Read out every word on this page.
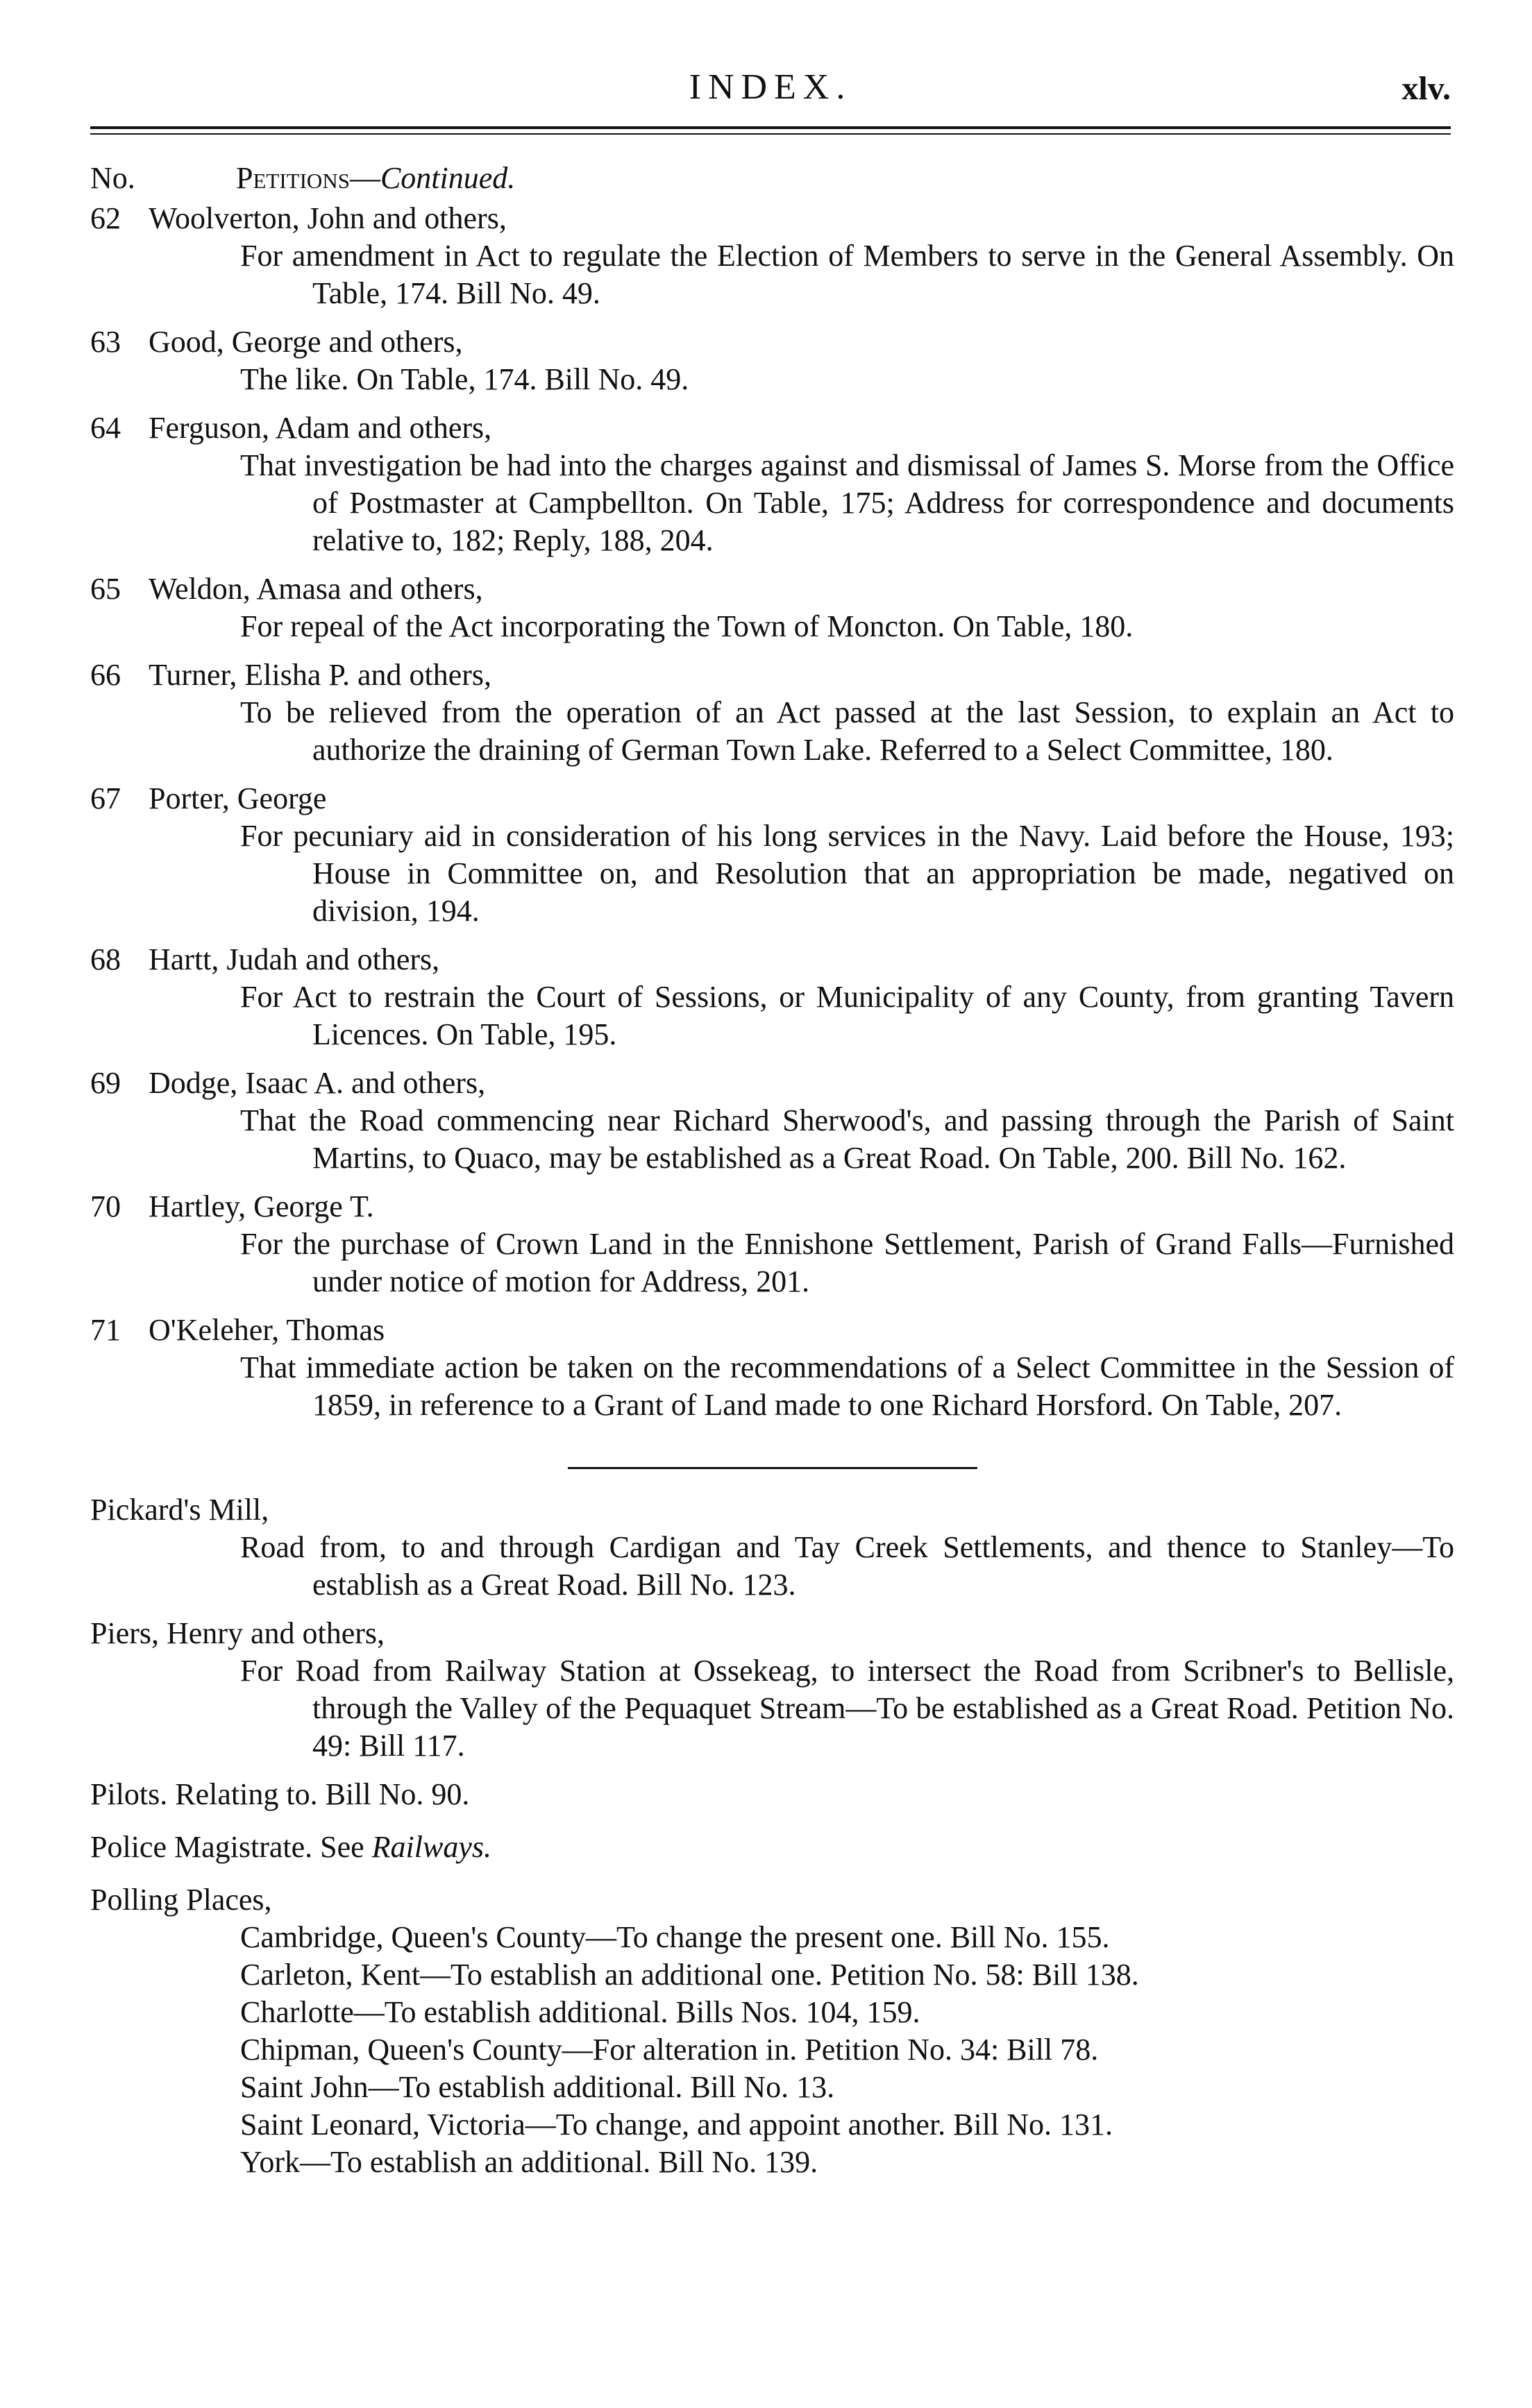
INDEX.	xlv.
No.	Petitions—Continued.
62 Woolverton, John and others,
For amendment in Act to regulate the Election of Members to serve in the General Assembly. On Table, 174. Bill No. 49.
63 Good, George and others,
The like. On Table, 174. Bill No. 49.
64 Ferguson, Adam and others,
That investigation be had into the charges against and dismissal of James S. Morse from the Office of Postmaster at Campbellton. On Table, 175; Address for correspondence and documents relative to, 182; Reply, 188, 204.
65 Weldon, Amasa and others,
For repeal of the Act incorporating the Town of Moncton. On Table, 180.
66 Turner, Elisha P. and others,
To be relieved from the operation of an Act passed at the last Session, to explain an Act to authorize the draining of German Town Lake. Referred to a Select Committee, 180.
67 Porter, George
For pecuniary aid in consideration of his long services in the Navy. Laid before the House, 193; House in Committee on, and Resolution that an appropriation be made, negatived on division, 194.
68 Hartt, Judah and others,
For Act to restrain the Court of Sessions, or Municipality of any County, from granting Tavern Licences. On Table, 195.
69 Dodge, Isaac A. and others,
That the Road commencing near Richard Sherwood's, and passing through the Parish of Saint Martins, to Quaco, may be established as a Great Road. On Table, 200. Bill No. 162.
70 Hartley, George T.
For the purchase of Crown Land in the Ennishone Settlement, Parish of Grand Falls—Furnished under notice of motion for Address, 201.
71 O'Keleher, Thomas
That immediate action be taken on the recommendations of a Select Committee in the Session of 1859, in reference to a Grant of Land made to one Richard Horsford. On Table, 207.
Pickard's Mill,
Road from, to and through Cardigan and Tay Creek Settlements, and thence to Stanley—To establish as a Great Road. Bill No. 123.
Piers, Henry and others,
For Road from Railway Station at Ossekeag, to intersect the Road from Scribner's to Bellisle, through the Valley of the Pequaquet Stream—To be established as a Great Road. Petition No. 49: Bill 117.
Pilots. Relating to. Bill No. 90.
Police Magistrate. See Railways.
Polling Places,
Cambridge, Queen's County—To change the present one. Bill No. 155.
Carleton, Kent—To establish an additional one. Petition No. 58: Bill 138.
Charlotte—To establish additional. Bills Nos. 104, 159.
Chipman, Queen's County—For alteration in. Petition No. 34: Bill 78.
Saint John—To establish additional. Bill No. 13.
Saint Leonard, Victoria—To change, and appoint another. Bill No. 131.
York—To establish an additional. Bill No. 139.
